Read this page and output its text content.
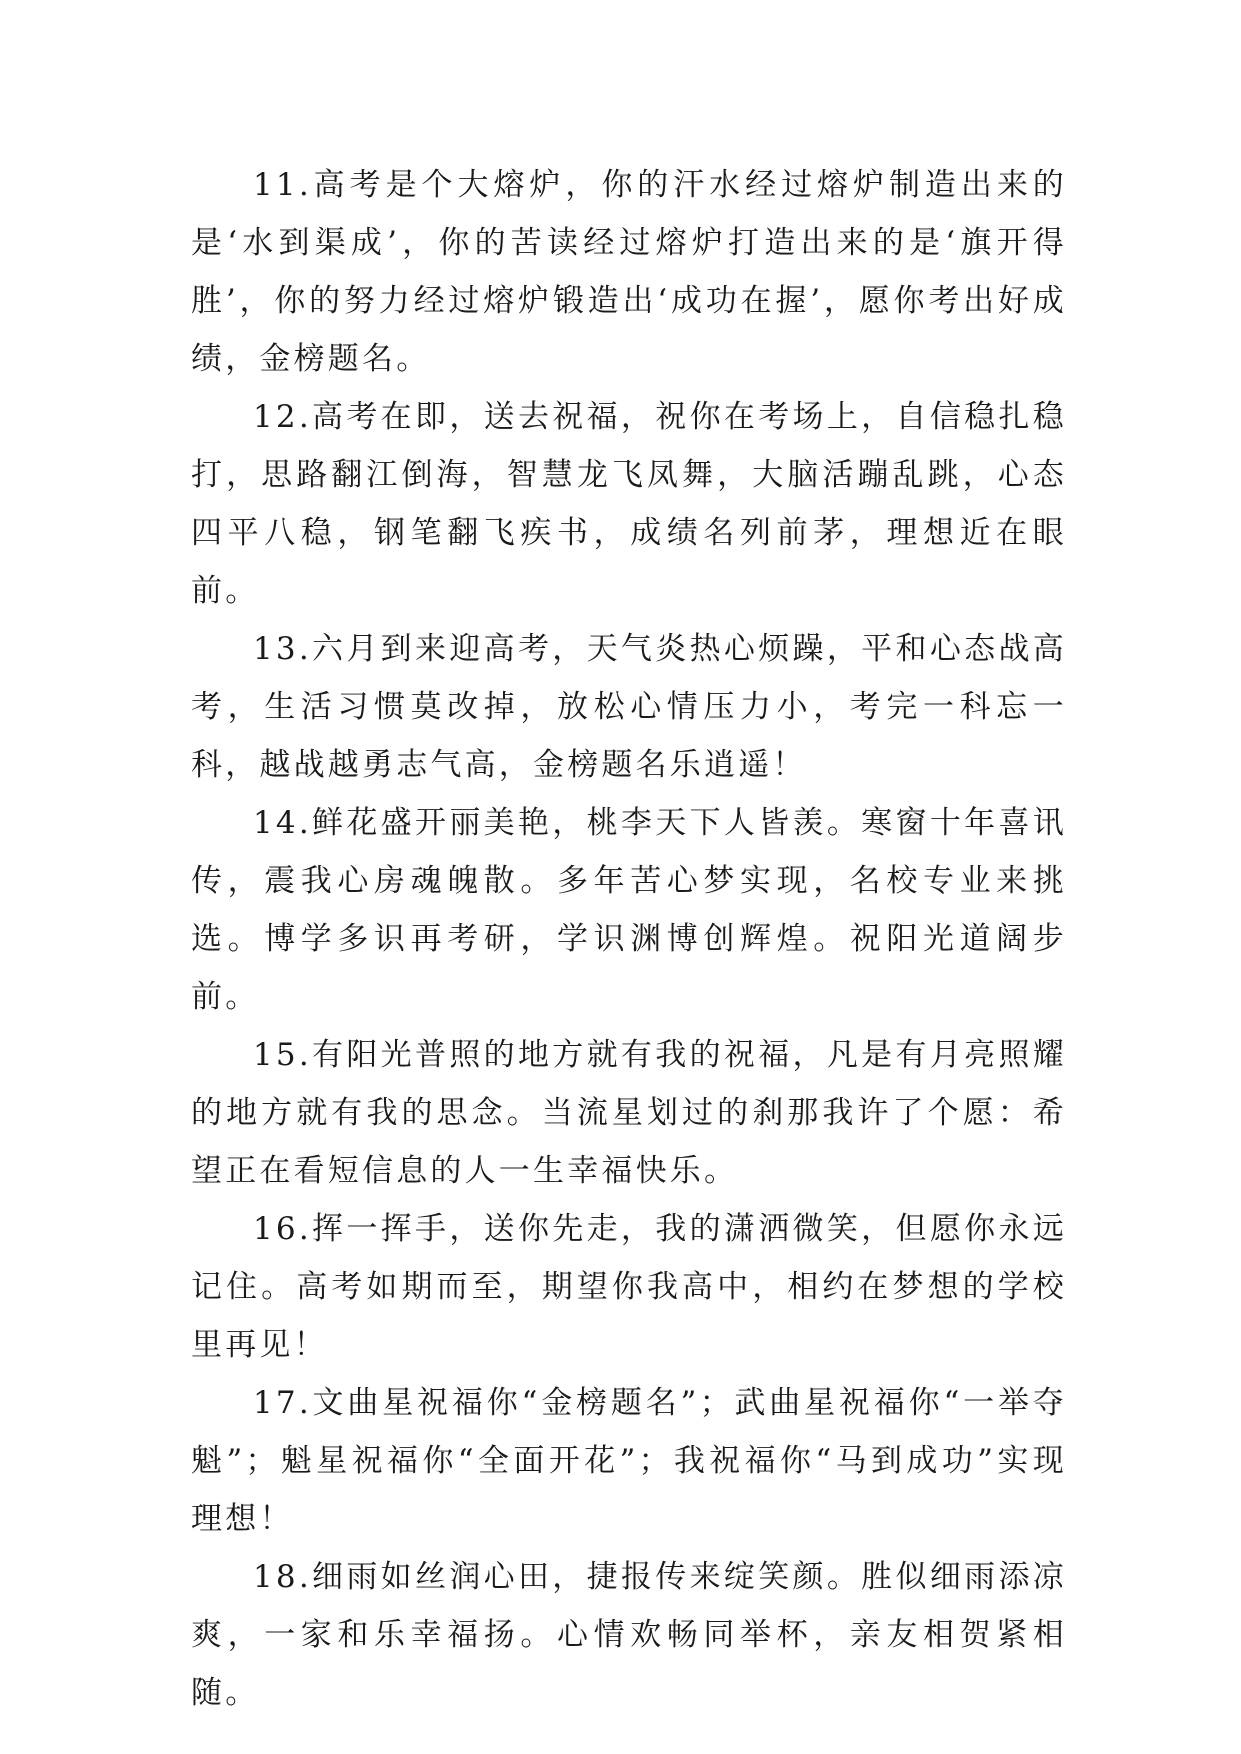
11.高考是个大熔炉，你的汗水经过熔炉制造出来的是‘水到渠成’，你的苦读经过熔炉打造出来的是‘旗开得胜’，你的努力经过熔炉锻造出‘成功在握’，愿你考出好成绩，金榜题名。

12.高考在即，送去祝福，祝你在考场上，自信稳扎稳打，思路翻江倒海，智慧龙飞凤舞，大脑活蹦乱跳，心态四平八稳，钢笔翻飞疾书，成绩名列前茅，理想近在眼前。

13.六月到来迎高考，天气炎热心烦躁，平和心态战高考，生活习惯莫改掉，放松心情压力小，考完一科忘一科，越战越勇志气高，金榜题名乐逍遥！

14.鲜花盛开丽美艳，桃李天下人皆羡。寒窗十年喜讯传，震我心房魂魄散。多年苦心梦实现，名校专业来挑选。博学多识再考研，学识渊博创辉煌。祝阳光道阔步前。

15.有阳光普照的地方就有我的祝福，凡是有月亮照耀的地方就有我的思念。当流星划过的刹那我许了个愿：希望正在看短信息的人一生幸福快乐。

16.挥一挥手，送你先走，我的潇洒微笑，但愿你永远记住。高考如期而至，期望你我高中，相约在梦想的学校里再见！

17.文曲星祝福你“金榜题名”；武曲星祝福你“一举夺魁”；魁星祝福你“全面开花”；我祝福你“马到成功”实现理想！

18.细雨如丝润心田，捷报传来绽笑颜。胜似细雨添凉爽，一家和乐幸福扬。心情欢畅同举杯，亲友相贺紧相随。
